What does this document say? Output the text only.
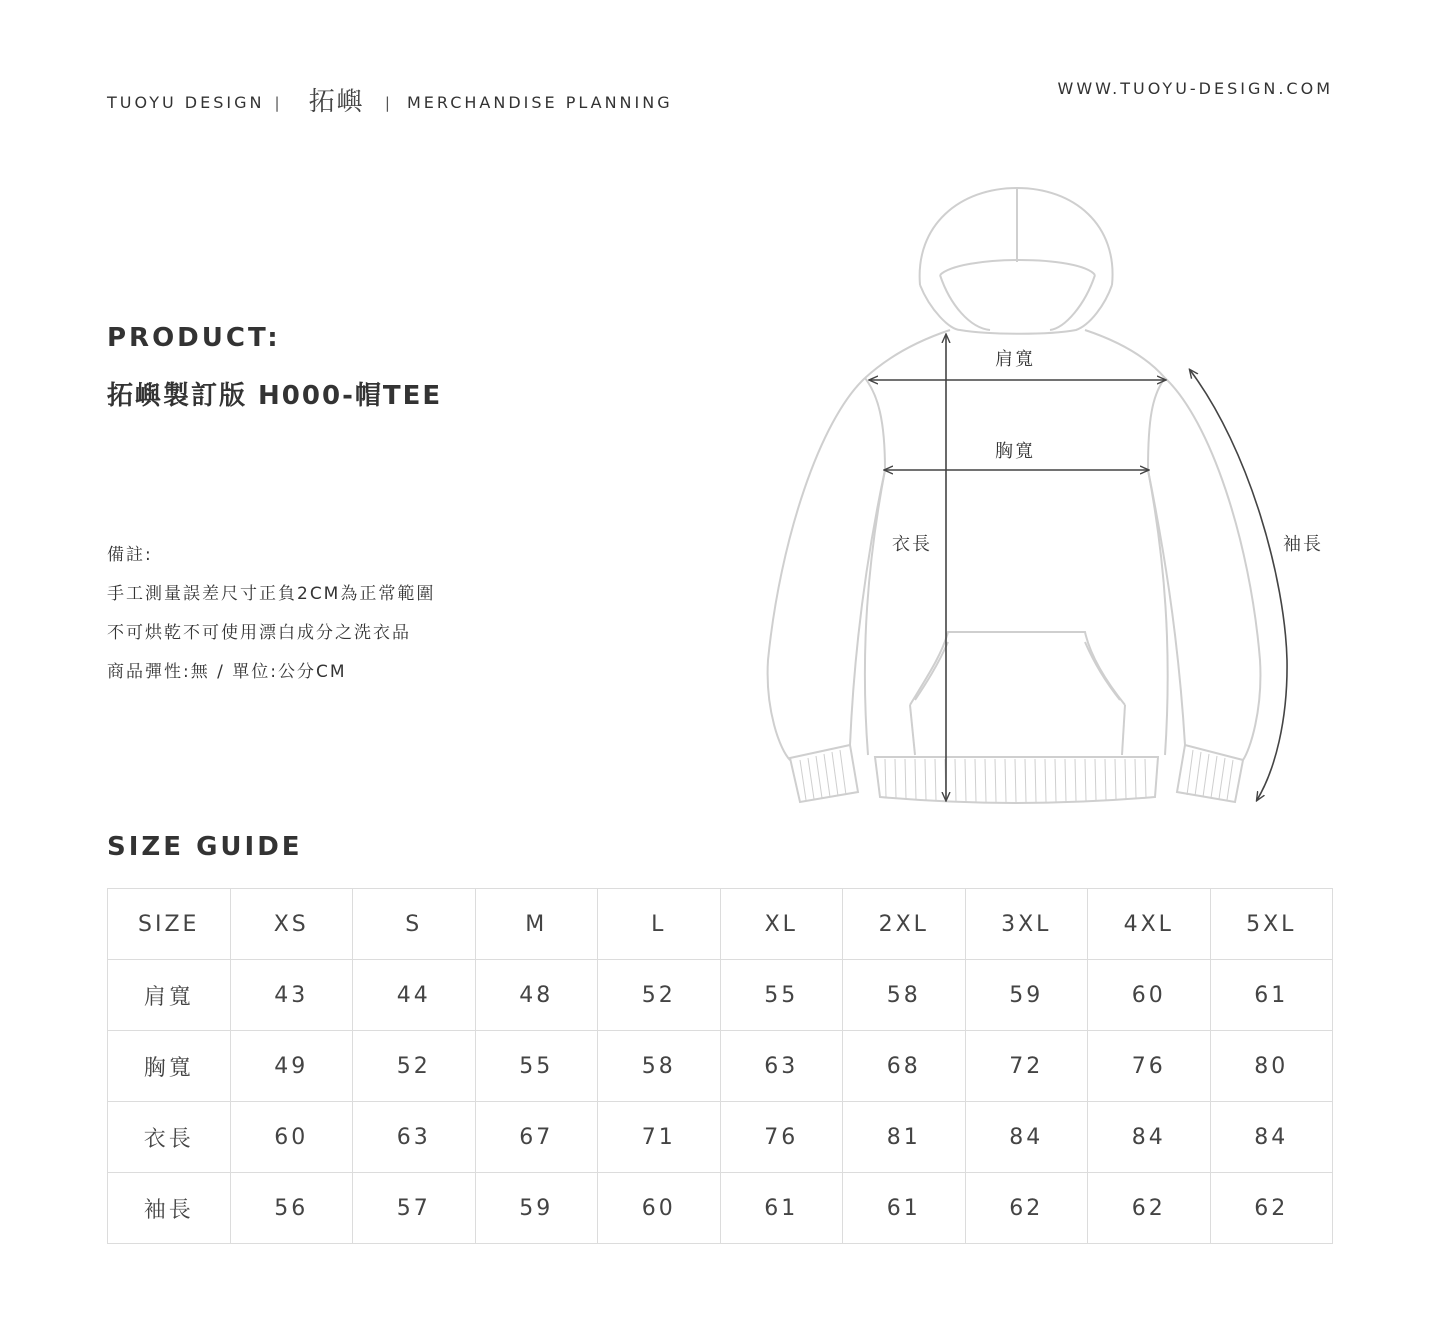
TUOYU DESIGN | 拓嶼 | MERCHANDISE PLANNING
WWW.TUOYU-DESIGN.COM
PRODUCT:
拓嶼製訂版 H000-帽TEE
備註:
手工測量誤差尺寸正負2CM為正常範圍
不可烘乾不可使用漂白成分之洗衣品
商品彈性:無 / 單位:公分CM
肩寬
胸寬
衣長	袖長
SIZE GUIDE
SIZE	XS	S	M	L	XL	2XL	3XL	4XL	5XL
肩寬	43	44	48	52	55	58	59	60	61
胸寬	49	52	55	58	63	68	72	76	80
衣長	60	63	67	71	76	81	84	84	84
袖長	56	57	59	60	61	61	62	62	62
